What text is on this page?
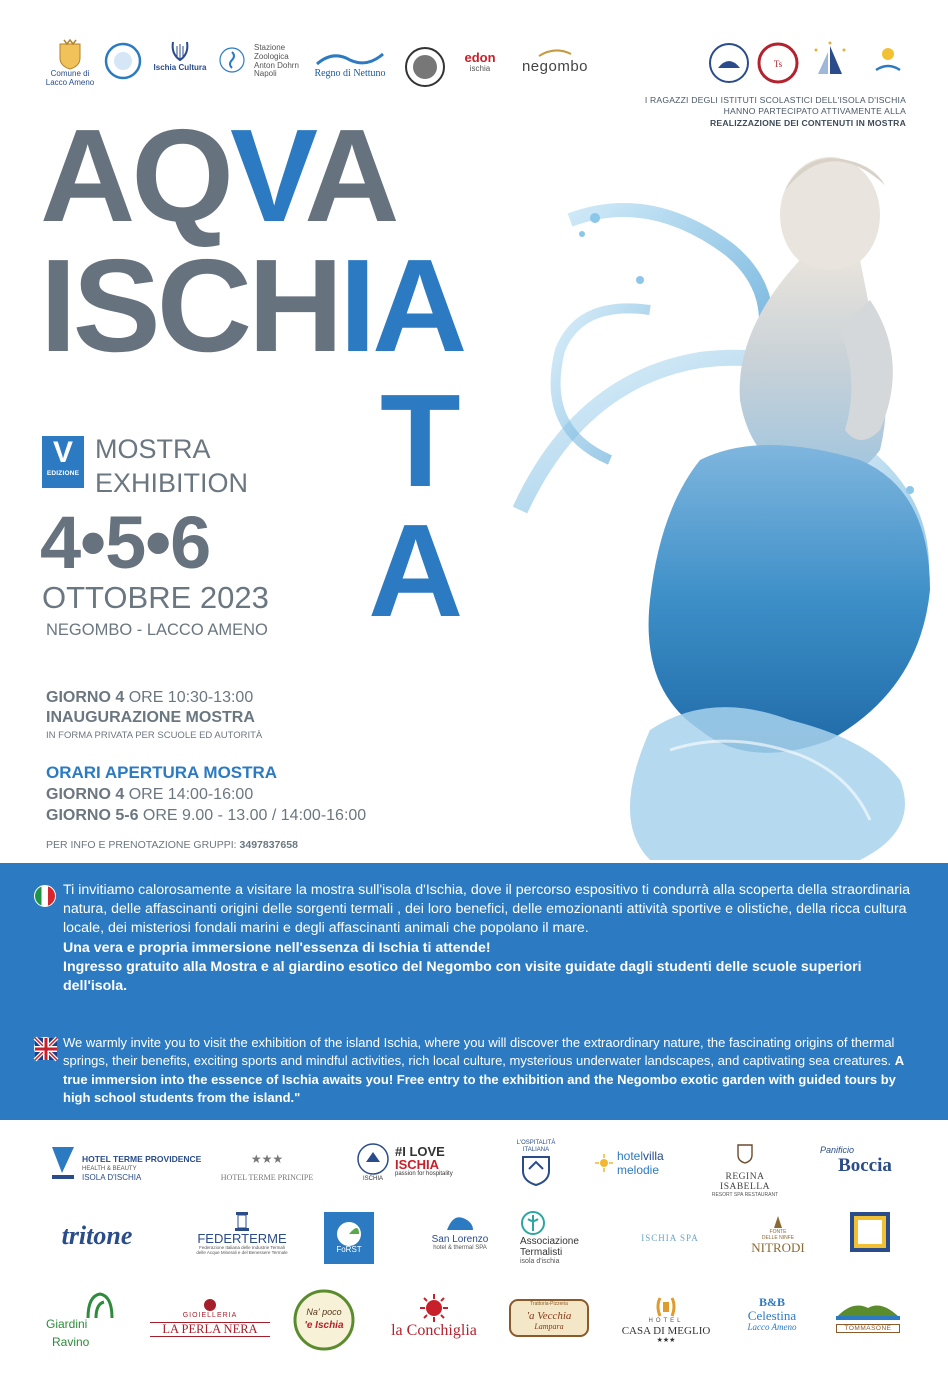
Comune di
Lacco Ameno
Ischia Cultura
Stazione
Zoologica
Anton Dohrn
Napoli	Regno di Nettuno
edon
ischia	negombo	Ts
I RAGAZZI DEGLI ISTITUTI SCOLASTICI DELL'ISOLA D'ISCHIA
HANNO PARTECIPATO ATTIVAMENTE ALLA
REALIZZAZIONE DEI CONTENUTI IN MOSTRA
AQVA
ISCHIA
T
A
V
EDIZIONE
MOSTRA
EXHIBITION
4•5•6
OTTOBRE 2023
NEGOMBO - LACCO AMENO
GIORNO 4 ORE 10:30-13:00
INAUGURAZIONE MOSTRA
IN FORMA PRIVATA PER SCUOLE ED AUTORITÀ
ORARI APERTURA MOSTRA
GIORNO 4 ORE 14:00-16:00
GIORNO 5-6 ORE 9.00 - 13.00 / 14:00-16:00
PER INFO E PRENOTAZIONE GRUPPI: 3497837658
Ti invitiamo calorosamente a visitare la mostra sull'isola d'Ischia, dove il percorso espositivo ti condurrà alla scoperta della straordinaria natura, delle affascinanti origini delle sorgenti termali , dei loro benefici, delle emozionanti attività sportive e olistiche, della ricca cultura locale, dei misteriosi fondali marini e degli affascinanti animali che popolano il mare.
Una vera e propria immersione nell'essenza di Ischia ti attende!
Ingresso gratuito alla Mostra e al giardino esotico del Negombo con visite guidate dagli studenti delle scuole superiori dell'isola.
We warmly invite you to visit the exhibition of the island Ischia, where you will discover the extraordinary nature, the fascinating origins of thermal springs, their benefits, exciting sports and mindful activities, rich local culture, mysterious underwater landscapes, and captivating sea creatures. A true immersion into the essence of Ischia awaits you! Free entry to the exhibition and the Negombo exotic garden with guided tours by high school students from the island."
HOTEL TERME PROVIDENCE
HEALTH & BEAUTY
ISOLA D'ISCHIA
★★★
HOTEL TERME PRINCIPE	ISCHIA
#I LOVE
ISCHIA
passion for hospitality
L'OSPITALITÀ ITALIANA	hotelvilla
melodie	REGINA ISABELLA
RESORT SPA RESTAURANT
Panificio
Boccia
tritone	FEDERTERME
Federazione Italiana delle Industrie Termali
delle Acque Minerali e del Benessere Termale	FoRST
San Lorenzo
hotel & thermal SPA
Associazione
Termalisti
isola d'ischia
ISCHIA SPA
FONTE
DELLE NINFE
NITRODI
Giardini
Ravino
GIOIELLERIA
LA PERLA NERA
Na' poco
'e Ischia	la Conchiglia
Trattoria-Pizzeria
'a Vecchia
Lampara
HOTEL
CASA DI MEGLIO
★★★
B&B
Celestina
Lacco Ameno	TOMMASONE
